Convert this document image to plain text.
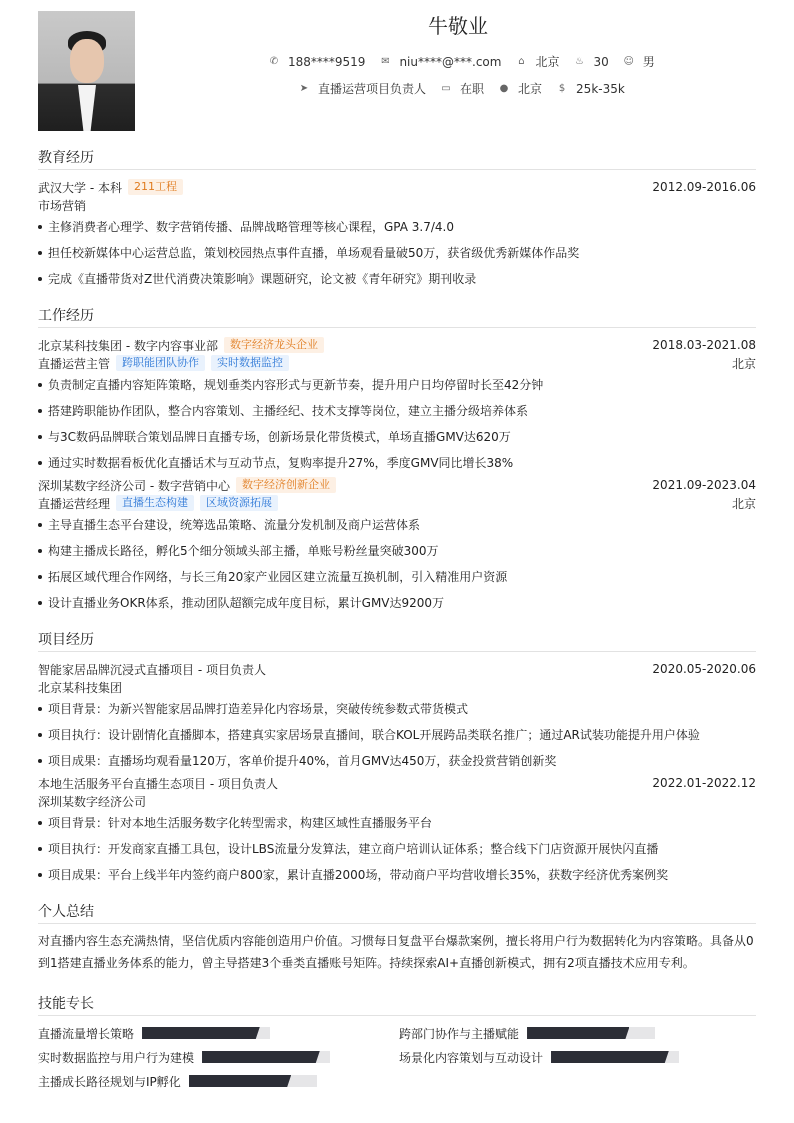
牛敬业
✆ 188****9519 ✉ niu****@***.com ⌂ 北京 ♨ 30 ☺ 男
➤ 直播运营项目负责人 ▭ 在职 ● 北京 $ 25k-35k
教育经历
武汉大学 - 本科	211工程	2012.09-2016.06
市场营销
主修消费者心理学、数字营销传播、品牌战略管理等核心课程，GPA 3.7/4.0
担任校新媒体中心运营总监，策划校园热点事件直播，单场观看量破50万，获省级优秀新媒体作品奖
完成《直播带货对Z世代消费决策影响》课题研究，论文被《青年研究》期刊收录
工作经历
北京某科技集团 - 数字内容事业部	数字经济龙头企业	2018.03-2021.08
直播运营主管	跨职能团队协作	实时数据监控	北京
负责制定直播内容矩阵策略，规划垂类内容形式与更新节奏，提升用户日均停留时长至42分钟
搭建跨职能协作团队，整合内容策划、主播经纪、技术支撑等岗位，建立主播分级培养体系
与3C数码品牌联合策划品牌日直播专场，创新场景化带货模式，单场直播GMV达620万
通过实时数据看板优化直播话术与互动节点，复购率提升27%，季度GMV同比增长38%
深圳某数字经济公司 - 数字营销中心	数字经济创新企业	2021.09-2023.04
直播运营经理	直播生态构建	区域资源拓展	北京
主导直播生态平台建设，统筹选品策略、流量分发机制及商户运营体系
构建主播成长路径，孵化5个细分领域头部主播，单账号粉丝量突破300万
拓展区域代理合作网络，与长三角20家产业园区建立流量互换机制，引入精准用户资源
设计直播业务OKR体系，推动团队超额完成年度目标，累计GMV达9200万
项目经历
智能家居品牌沉浸式直播项目 - 项目负责人	2020.05-2020.06
北京某科技集团
项目背景：为新兴智能家居品牌打造差异化内容场景，突破传统参数式带货模式
项目执行：设计剧情化直播脚本，搭建真实家居场景直播间，联合KOL开展跨品类联名推广；通过AR试装功能提升用户体验
项目成果：直播场均观看量120万，客单价提升40%，首月GMV达450万，获金投赏营销创新奖
本地生活服务平台直播生态项目 - 项目负责人	2022.01-2022.12
深圳某数字经济公司
项目背景：针对本地生活服务数字化转型需求，构建区域性直播服务平台
项目执行：开发商家直播工具包，设计LBS流量分发算法，建立商户培训认证体系；整合线下门店资源开展快闪直播
项目成果：平台上线半年内签约商户800家，累计直播2000场，带动商户平均营收增长35%，获数字经济优秀案例奖
个人总结
对直播内容生态充满热情，坚信优质内容能创造用户价值。习惯每日复盘平台爆款案例，擅长将用户行为数据转化为内容策略。具备从0到1搭建直播业务体系的能力，曾主导搭建3个垂类直播账号矩阵。持续探索AI+直播创新模式，拥有2项直播技术应用专利。
技能专长
直播流量增长策略	跨部门协作与主播赋能
实时数据监控与用户行为建模	场景化内容策划与互动设计
主播成长路径规划与IP孵化
